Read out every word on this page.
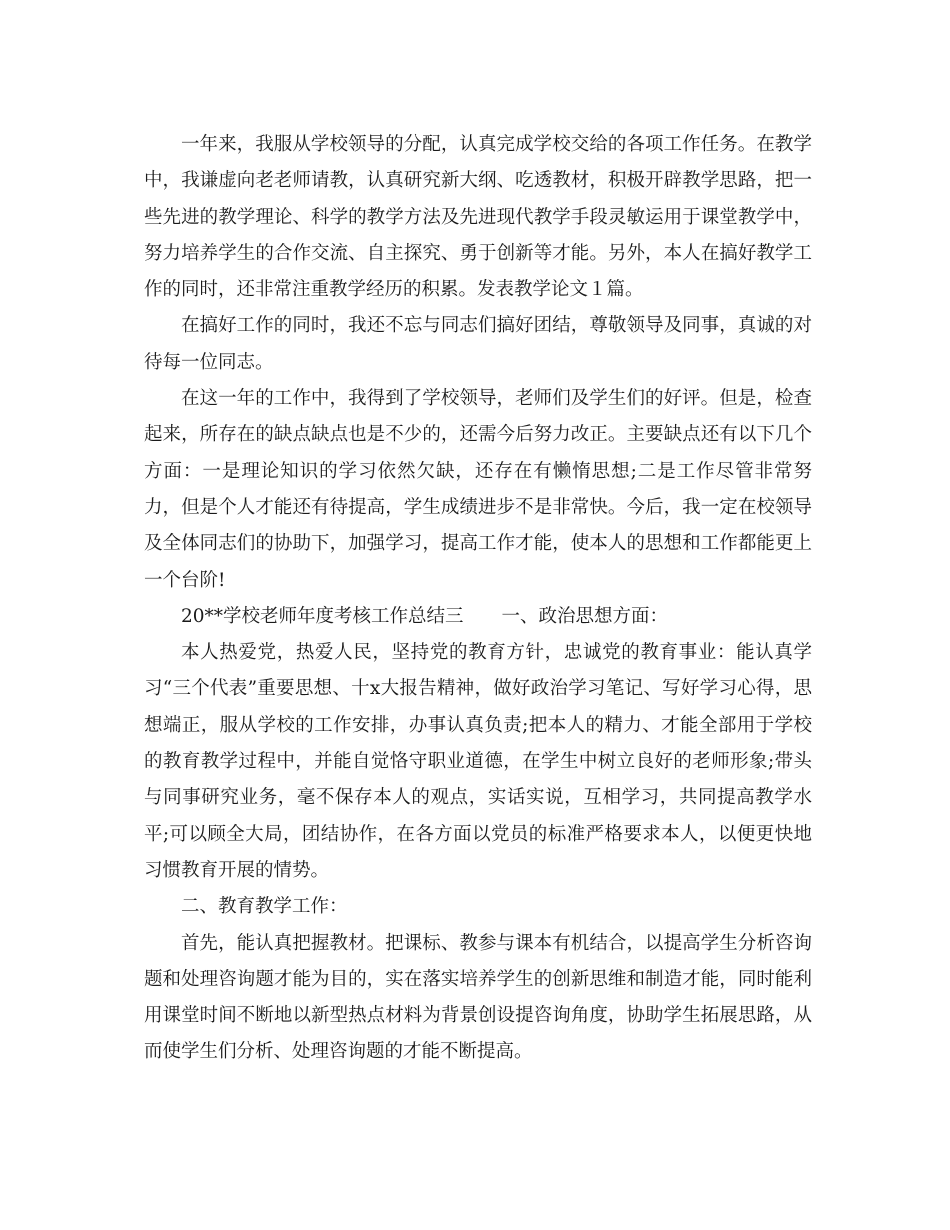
一年来，我服从学校领导的分配，认真完成学校交给的各项工作任务。在教学中，我谦虚向老老师请教，认真研究新大纲、吃透教材，积极开辟教学思路，把一些先进的教学理论、科学的教学方法及先进现代教学手段灵敏运用于课堂教学中，努力培养学生的合作交流、自主探究、勇于创新等才能。另外，本人在搞好教学工作的同时，还非常注重教学经历的积累。发表教学论文１篇。

在搞好工作的同时，我还不忘与同志们搞好团结，尊敬领导及同事，真诚的对待每一位同志。

在这一年的工作中，我得到了学校领导，老师们及学生们的好评。但是，检查起来，所存在的缺点缺点也是不少的，还需今后努力改正。主要缺点还有以下几个方面：一是理论知识的学习依然欠缺，还存在有懒惰思想;二是工作尽管非常努力，但是个人才能还有待提高，学生成绩进步不是非常快。今后，我一定在校领导及全体同志们的协助下，加强学习，提高工作才能，使本人的思想和工作都能更上一个台阶!

20**学校老师年度考核工作总结三 一、政治思想方面：

本人热爱党，热爱人民，坚持党的教育方针，忠诚党的教育事业：能认真学习“三个代表”重要思想、十x大报告精神，做好政治学习笔记、写好学习心得，思想端正，服从学校的工作安排，办事认真负责;把本人的精力、才能全部用于学校的教育教学过程中，并能自觉恪守职业道德，在学生中树立良好的老师形象;带头与同事研究业务，毫不保存本人的观点，实话实说，互相学习，共同提高教学水平;可以顾全大局，团结协作，在各方面以党员的标准严格要求本人，以便更快地习惯教育开展的情势。

二、教育教学工作：

首先，能认真把握教材。把课标、教参与课本有机结合，以提高学生分析咨询题和处理咨询题才能为目的，实在落实培养学生的创新思维和制造才能，同时能利用课堂时间不断地以新型热点材料为背景创设提咨询角度，协助学生拓展思路，从而使学生们分析、处理咨询题的才能不断提高。
